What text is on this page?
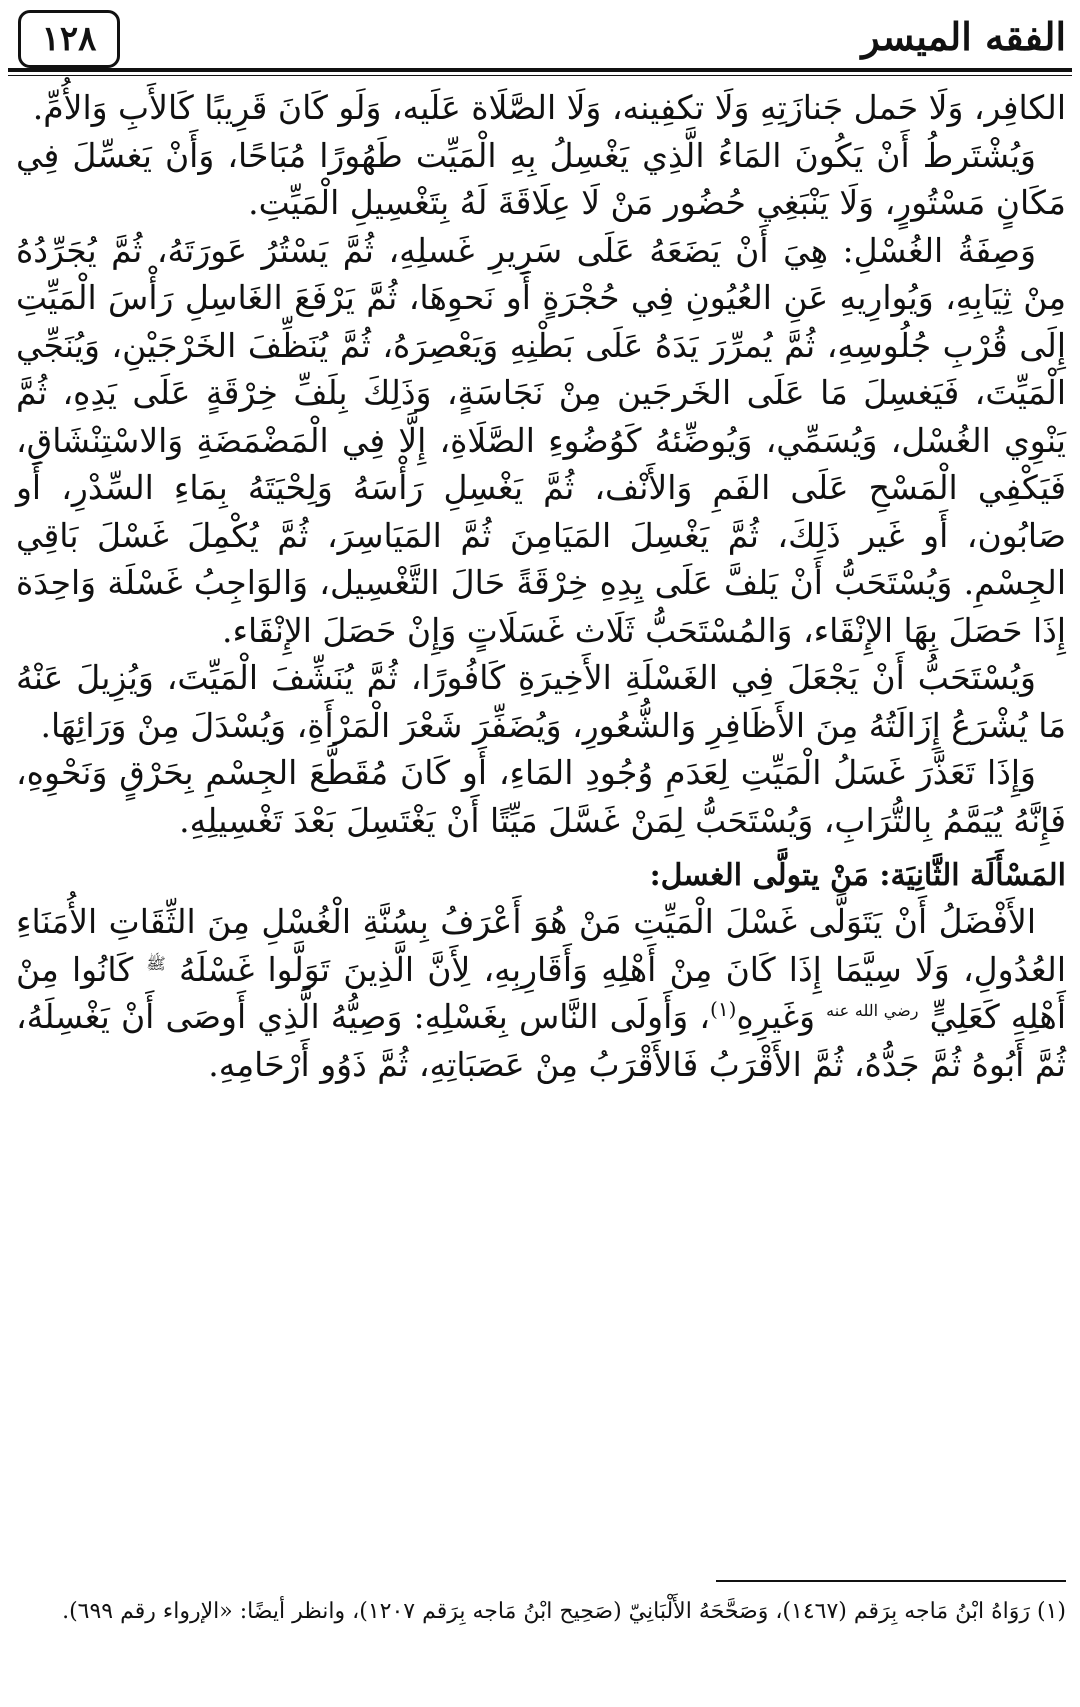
١٢٨	الفقه الميسر

الكافِر، وَلَا حَمل جَنازَتِهِ وَلَا تكفِينه، وَلَا الصَّلَاة عَلَيه، وَلَو كَانَ قَرِيبًا كَالأَبِ وَالأُمِّ.

وَيُشْتَرطُ أَنْ يَكُونَ المَاءُ الَّذِي يَغْسِلُ بِهِ الْمَيِّت طَهُورًا مُبَاحًا، وَأَنْ يَغسِّلَ فِي مَكَانٍ مَسْتُورٍ، وَلَا يَنْبَغِي حُضُور مَنْ لَا عِلَاقَةَ لَهُ بِتَغْسِيلِ الْمَيِّتِ.

وَصِفَةُ الغُسْلِ: هِيَ أَنْ يَضَعَهُ عَلَى سَرِيرِ غَسلِهِ، ثُمَّ يَسْتُرُ عَورَتَهُ، ثُمَّ يُجَرِّدُهُ مِنْ ثِيَابِهِ، وَيُوارِيهِ عَنِ العُيُونِ فِي حُجْرَةٍ أَو نَحوِهَا، ثُمَّ يَرْفَعَ الغَاسِلِ رَأْسَ الْمَيِّتِ إِلَى قُرْبِ جُلُوسِهِ، ثُمَّ يُمرِّرَ يَدَهُ عَلَى بَطْنِهِ وَيَعْصِرَهُ، ثُمَّ يُنَظِّفَ الخَرْجَيْنِ، وَيُنَجِّي الْمَيِّتَ، فَيَغسِلَ مَا عَلَى الخَرجَين مِنْ نَجَاسَةٍ، وَذَلِكَ بِلَفِّ خِرْقَةٍ عَلَى يَدِهِ، ثُمَّ يَنْوِي الغُسْل، وَيُسَمِّي، وَيُوضِّئهُ كَوُضُوءِ الصَّلَاةِ، إِلَّا فِي الْمَضْمَضَةِ وَالاسْتِنْشَاقِ، فَيَكْفِي الْمَسْحِ عَلَى الفَمِ وَالأَنْف، ثُمَّ يَغْسِلِ رَأْسَهُ وَلِحْيَتَهُ بِمَاءِ السِّدْرِ، أَو صَابُون، أَو غَير ذَلِكَ، ثُمَّ يَغْسِلَ المَيَامِنَ ثُمَّ المَيَاسِرَ، ثُمَّ يُكْمِلَ غَسْلَ بَاقِي الجِسْمِ. وَيُسْتَحَبُّ أَنْ يَلفَّ عَلَى يِدِهِ خِرْقَةً حَالَ التَّغْسِيل، وَالوَاجِبُ غَسْلَة وَاحِدَة إِذَا حَصَلَ بِهَا الإِنْقَاء، وَالمُسْتَحَبُّ ثَلَاث غَسَلَاتٍ وَإِنْ حَصَلَ الإِنْقَاء.

وَيُسْتَحَبُّ أَنْ يَجْعَلَ فِي الغَسْلَةِ الأَخِيرَةِ كَافُورًا، ثُمَّ يُنَشِّفَ الْمَيِّتَ، وَيُزِيلَ عَنْهُ مَا يُشْرَعُ إِزَالَتُهُ مِنَ الأَظَافِرِ وَالشُّعُورِ، وَيُضَفِّرَ شَعْرَ الْمَرْأَةِ، وَيُسْدَلَ مِنْ وَرَائِهَا.

وَإِذَا تَعَذَّرَ غَسَلُ الْمَيِّتِ لِعَدَمِ وُجُودِ المَاءِ، أَو كَانَ مُقَطَّعَ الجِسْمِ بِحَرْقٍ وَنَحْوِهِ، فَإِنَّهُ يُيَمَّمُ بِالتُّرَابِ، وَيُسْتَحَبُّ لِمَنْ غَسَّلَ مَيِّتًا أَنْ يَغْتَسِلَ بَعْدَ تَغْسِيلِهِ.

المَسْأَلَة الثَّانِيَة: مَنْ يتولَّى الغسل:

الأَفْضَلُ أَنْ يَتَوَلَّى غَسْلَ الْمَيِّتِ مَنْ هُوَ أَعْرَفُ بِسُنَّةِ الْغُسْلِ مِنَ الثِّقَاتِ الأُمَنَاءِ العُدُولِ، وَلَا سِيَّمَا إِذَا كَانَ مِنْ أَهْلِهِ وَأَقَارِبِهِ، لِأَنَّ الَّذِينَ تَوَلَّوا غَسْلَهُ $^ﷺ$ كَانُوا مِنْ أَهْلِهِ كَعَلِيٍّ $^{رضي الله عنه}$ وَغَيرِهِ$^{(١)}$، وَأَولَى النَّاس بِغَسْلِهِ: وَصِيُّهُ الَّذِي أَوصَى أَنْ يَغْسِلَهُ، ثُمَّ أَبُوهُ ثُمَّ جَدُّهُ، ثُمَّ الأَقْرَبُ فَالأَقْرَبُ مِنْ عَصَبَاتِهِ، ثُمَّ ذَوُو أَرْحَامِهِ.

(١) رَوَاهُ ابْنُ مَاجه بِرَقم (١٤٦٧)، وَصَحَّحَهُ الأَلْبَانِيّ (صَحِيح ابْنُ مَاجه بِرَقم ١٢٠٧)، وانظر أيضًا: «الإرواء رقم ٦٩٩).
